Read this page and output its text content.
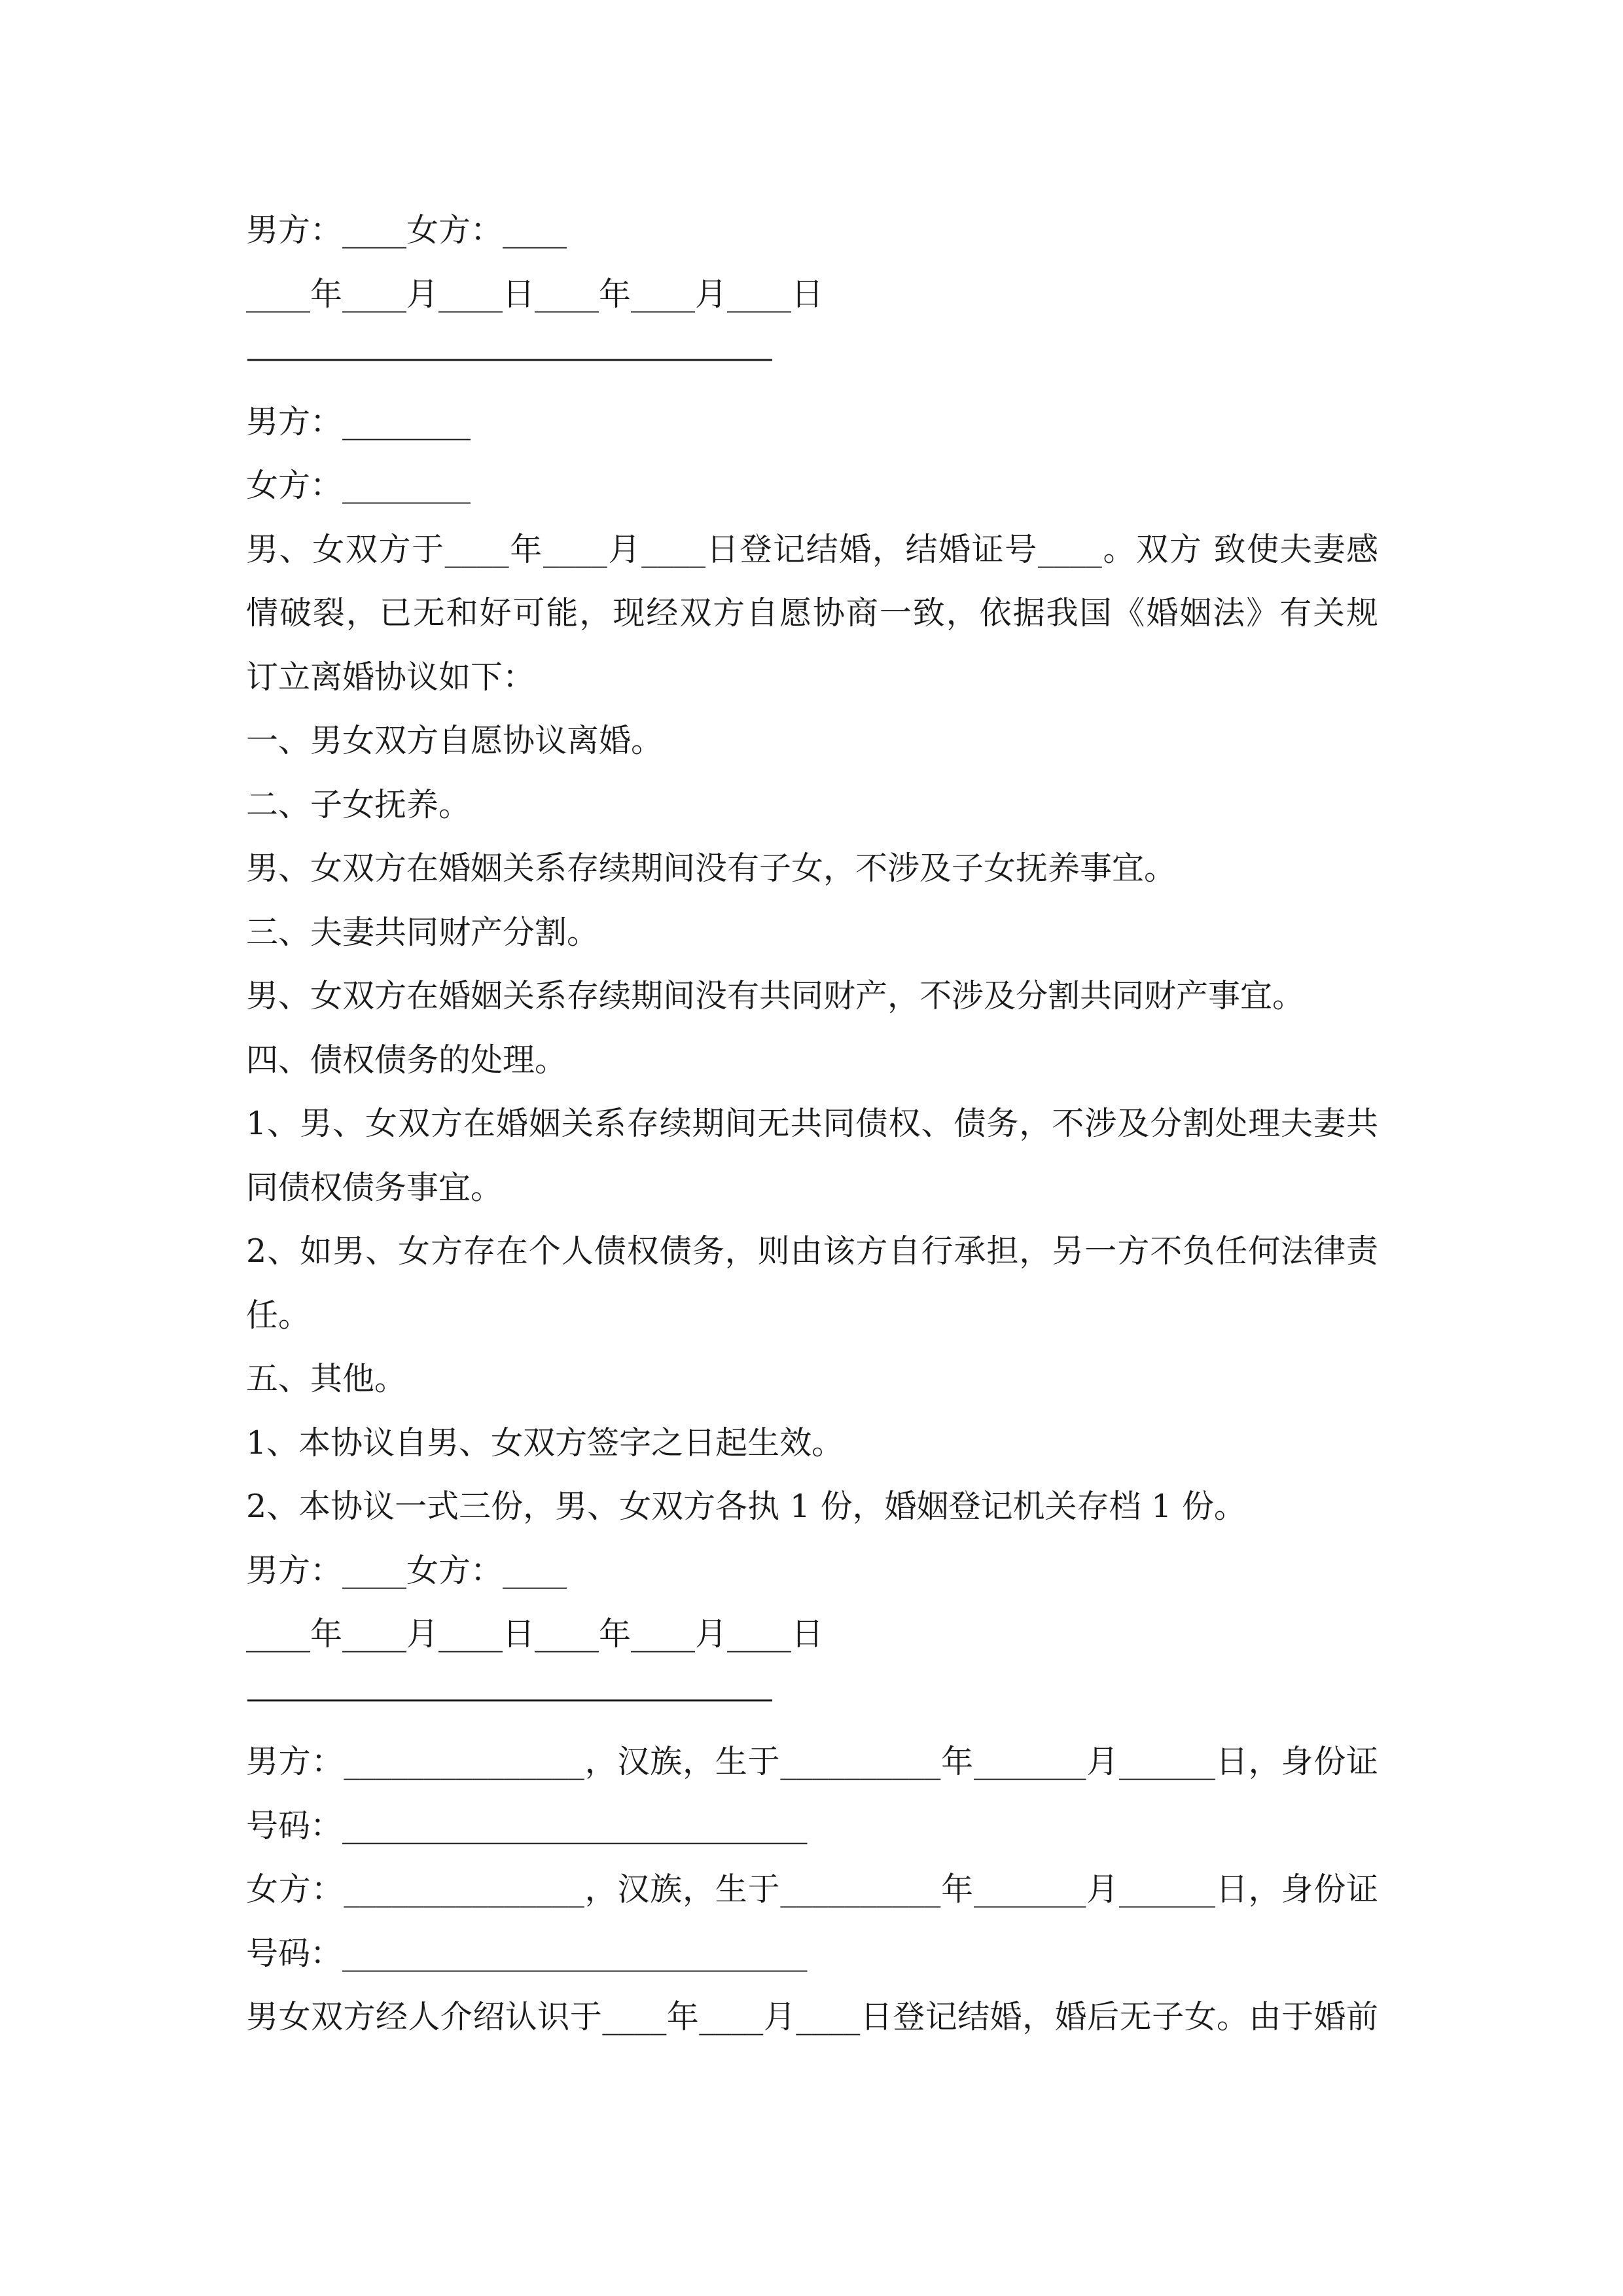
男方：____女方：____
____年____月____日____年____月____日
————————————————————
男方：________
女方：________
男、女双方于____年____月____日登记结婚，结婚证号____。双方 致使夫妻感
情破裂，已无和好可能，现经双方自愿协商一致，依据我国《婚姻法》有关规
订立离婚协议如下：
一、男女双方自愿协议离婚。
二、子女抚养。
男、女双方在婚姻关系存续期间没有子女，不涉及子女抚养事宜。
三、夫妻共同财产分割。
男、女双方在婚姻关系存续期间没有共同财产，不涉及分割共同财产事宜。
四、债权债务的处理。
1、男、女双方在婚姻关系存续期间无共同债权、债务，不涉及分割处理夫妻共
同债权债务事宜。
2、如男、女方存在个人债权债务，则由该方自行承担，另一方不负任何法律责
任。
五、其他。
1、本协议自男、女双方签字之日起生效。
2、本协议一式三份，男、女双方各执 1 份，婚姻登记机关存档 1 份。
男方：____女方：____
____年____月____日____年____月____日
————————————————————
男方：_______________，汉族，生于__________年_______月______日，身份证
号码：_____________________________
女方：_______________，汉族，生于__________年_______月______日，身份证
号码：_____________________________
男女双方经人介绍认识于____年____月____日登记结婚，婚后无子女。由于婚前
